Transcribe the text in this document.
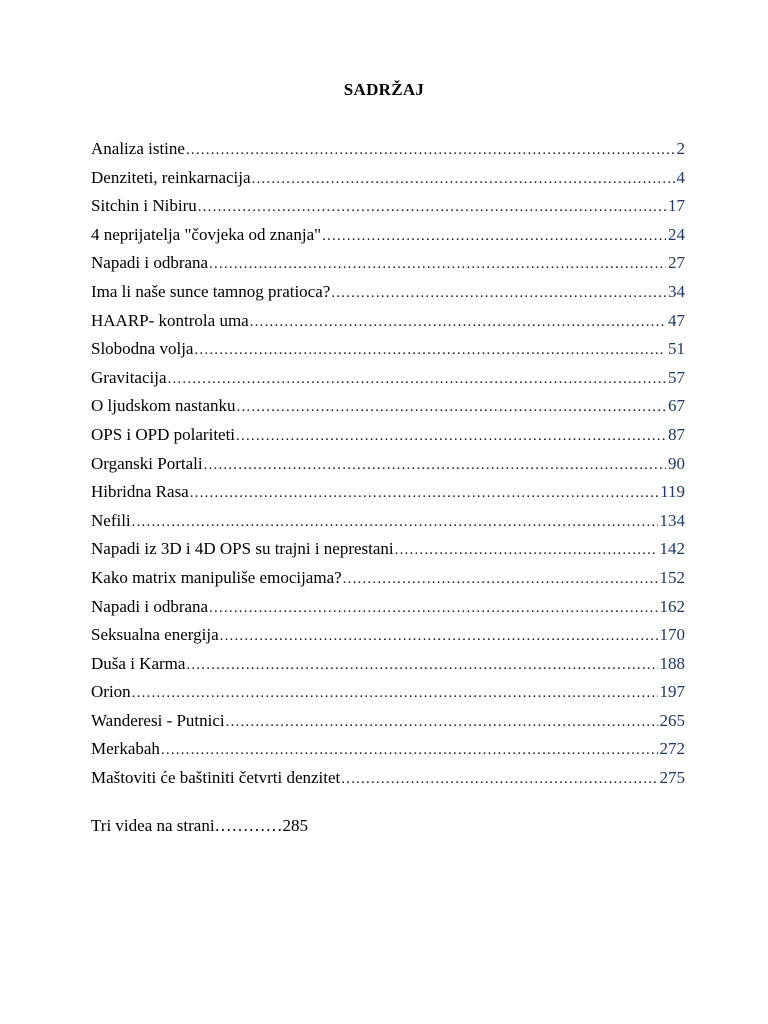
SADRŽAJ
Analiza istine .....	2
Denziteti, reinkarnacija .....	4
Sitchin i Nibiru .....	17
4 neprijatelja "čovjeka od znanja" .....	24
Napadi i odbrana .....	27
Ima li naše sunce tamnog pratioca? .....	34
HAARP- kontrola uma .....	47
Slobodna volja .....	51
Gravitacija .....	57
O ljudskom nastanku .....	67
OPS i OPD polariteti .....	87
Organski Portali .....	90
Hibridna Rasa .....	119
Nefili .....	134
Napadi iz 3D i 4D OPS su trajni i neprestani .....	142
Kako matrix manipuliše emocijama? .....	152
Napadi i odbrana .....	162
Seksualna energija .....	170
Duša i Karma .....	188
Orion .....	197
Wanderesi - Putnici .....	265
Merkabah .....	272
Maštoviti će baštiniti četvrti denzitet .....	275
Tri videa na strani…………285
